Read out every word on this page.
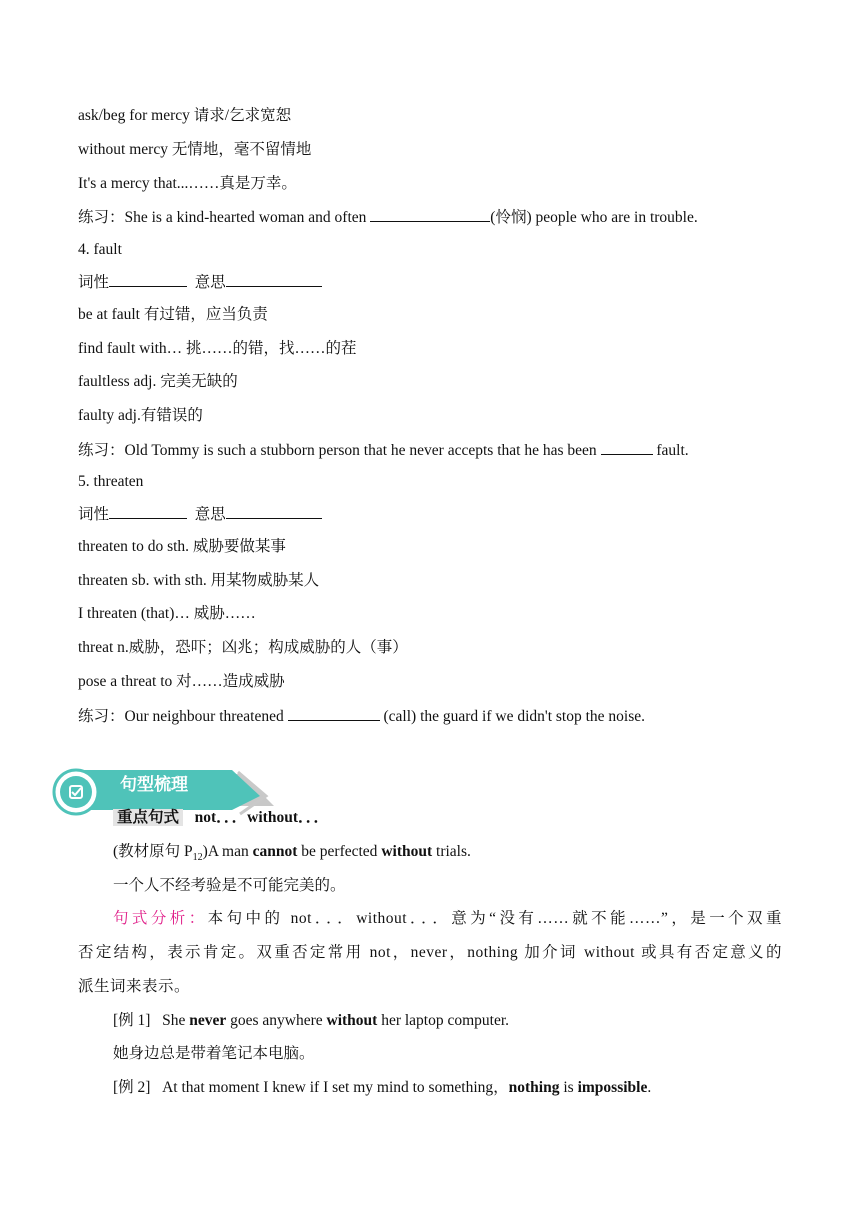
ask/beg for mercy 请求/乞求宽恕
without mercy 无情地，毫不留情地
It's a mercy that...……真是万幸。
练习：She is a kind-hearted woman and often	(怜悯) people who are in trouble.
4. fault
词性	意思
be at fault 有过错，应当负责
find fault with… 挑……的错，找……的茬
faultless adj. 完美无缺的
faulty adj.有错误的
练习：Old Tommy is such a stubborn person that he never accepts that he has been	fault.
5. threaten
词性	意思
threaten to do sth. 威胁要做某事
threaten sb. with sth. 用某物威胁某人
I threaten (that)… 威胁……
threat n.威胁，恐吓；凶兆；构成威胁的人（事）
pose a threat to 对……造成威胁
练习：Our neighbour threatened	(call) the guard if we didn't stop the noise.
句型梳理
重点句式 not．．．without．．．
(教材原句 $P_{12})A$ man cannot be perfected without trials.
一个人不经考验是不可能完美的。
句式分析：本句中的 not．．．without．．．意为“没有……就不能……”，是一个双重
否定结构，表示肯定。双重否定常用 not，never，nothing 加介词 without 或具有否定意义的
派生词来表示。
[例 1] She never goes anywhere without her laptop computer.
她身边总是带着笔记本电脑。
[例 2] At that moment I knew if I set my mind to something，nothing is impossible.
